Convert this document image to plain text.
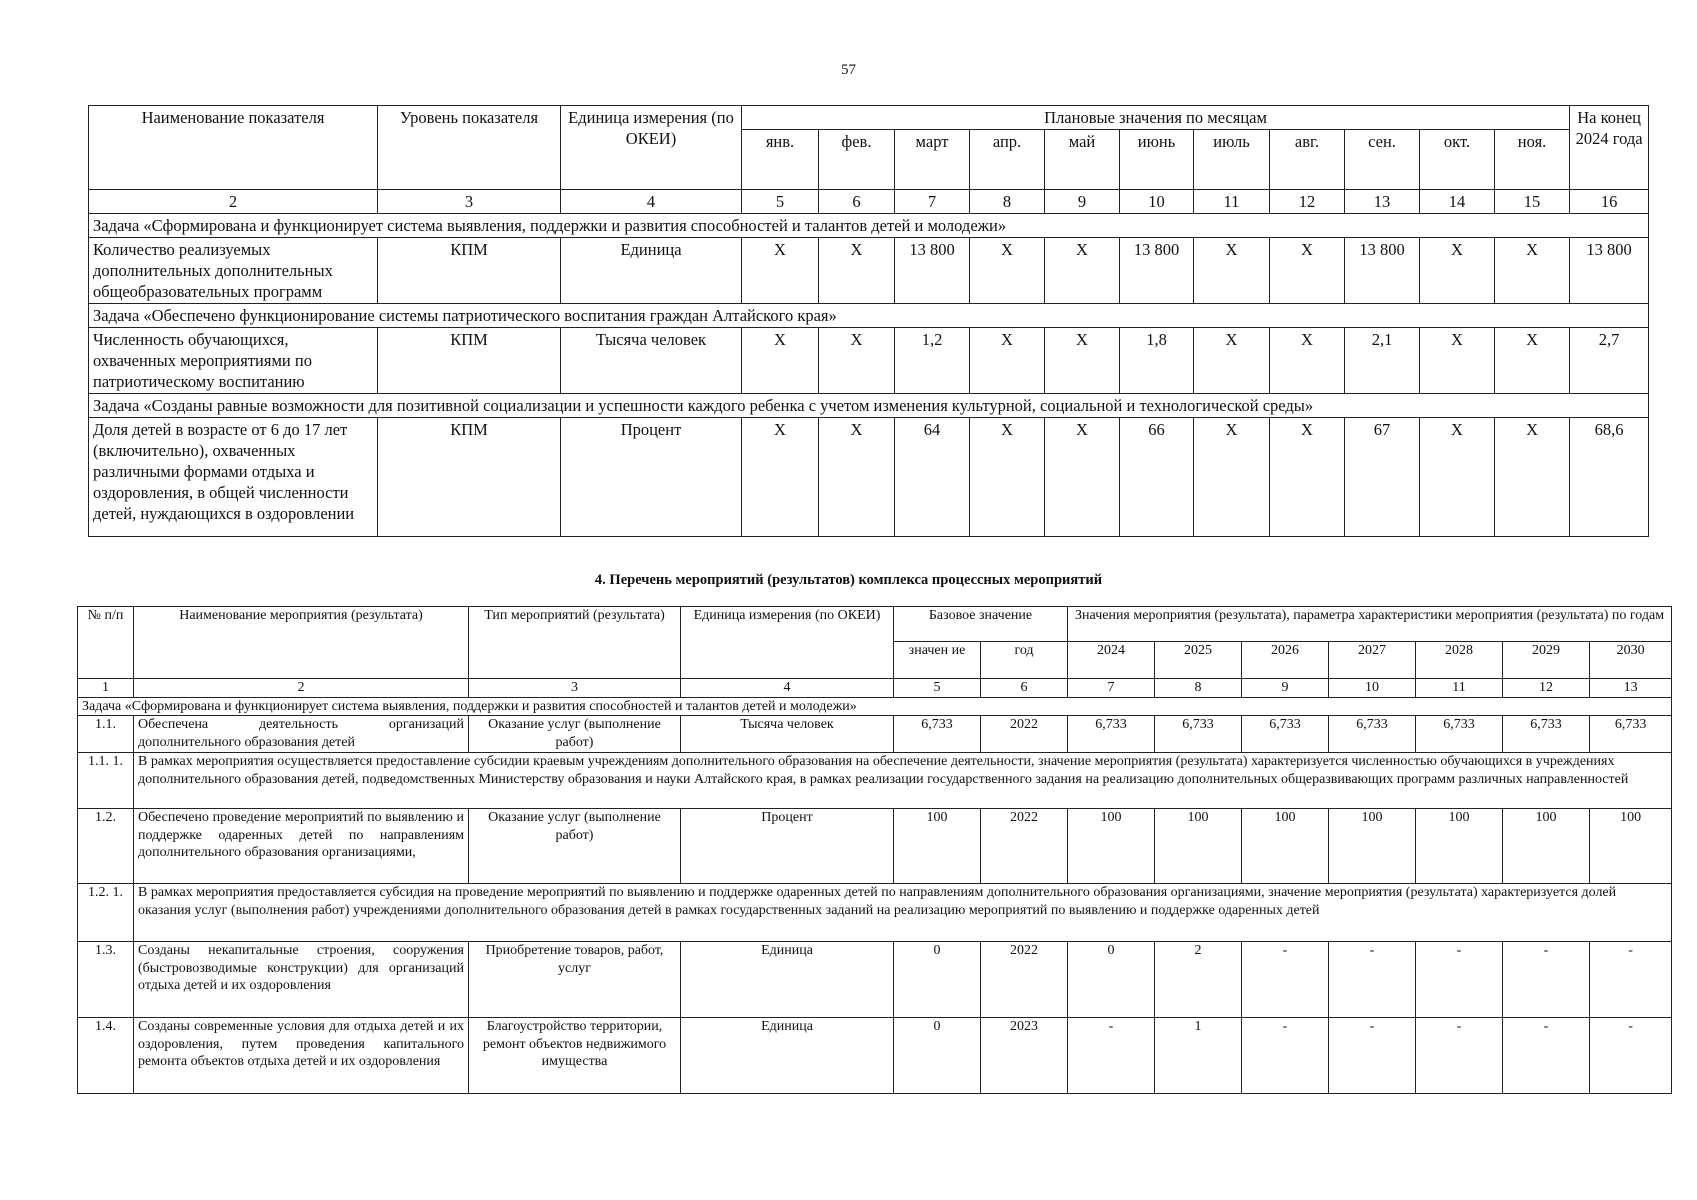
57
Наименование показателя	Уровень показателя	Единица измерения (по ОКЕИ)	Плановые значения по месяцам											На конец 2024 года
			янв.	фев.	март	апр.	май	июнь	июль	авг.	сен.	окт.	ноя.	
2	3	4	5	6	7	8	9	10	11	12	13	14	15	16
Задача «Сформирована и функционирует система выявления, поддержки и развития способностей и талантов детей и молодежи»														
Количество реализуемых дополнительных дополнительных общеобразовательных программ	КПМ	Единица	Х	Х	13 800	Х	Х	13 800	Х	Х	13 800	Х	Х	13 800
Задача «Обеспечено функционирование системы патриотического воспитания граждан Алтайского края»														
Численность обучающихся, охваченных мероприятиями по патриотическому воспитанию	КПМ	Тысяча человек	Х	Х	1,2	Х	Х	1,8	Х	Х	2,1	Х	Х	2,7
Задача «Созданы равные возможности для позитивной социализации и успешности каждого ребенка с учетом изменения культурной, социальной и технологической среды»														
Доля детей в возрасте от 6 до 17 лет (включительно), охваченных различными формами отдыха и оздоровления, в общей численности детей, нуждающихся в оздоровлении	КПМ	Процент	Х	Х	64	Х	Х	66	Х	Х	67	Х	Х	68,6
4. Перечень мероприятий (результатов) комплекса процессных мероприятий
№ п/п	Наименование мероприятия (результата)	Тип мероприятий (результата)	Единица измерения (по ОКЕИ)	Базовое значение		Значения мероприятия (результата), параметра характеристики мероприятия (результата) по годам						
				значен ие	год	2024	2025	2026	2027	2028	2029	2030
1	2	3	4	5	6	7	8	9	10	11	12	13
Задача «Сформирована и функционирует система выявления, поддержки и развития способностей и талантов детей и молодежи»												
1.1.	Обеспечена деятельность организаций дополнительного образования детей	Оказание услуг (выполнение работ)	Тысяча человек	6,733	2022	6,733	6,733	6,733	6,733	6,733	6,733	6,733
1.1. 1.	В рамках мероприятия осуществляется предоставление субсидии краевым учреждениям дополнительного образования на обеспечение деятельности, значение мероприятия (результата) характеризуется численностью обучающихся в учреждениях дополнительного образования детей, подведомственных Министерству образования и науки Алтайского края, в рамках реализации государственного задания на реализацию дополнительных общеразвивающих программ различных направленностей											
1.2.	Обеспечено проведение мероприятий по выявлению и поддержке одаренных детей по направлениям дополнительного образования организациями,	Оказание услуг (выполнение работ)	Процент	100	2022	100	100	100	100	100	100	100
1.2. 1.	В рамках мероприятия предоставляется субсидия на проведение мероприятий по выявлению и поддержке одаренных детей по направлениям дополнительного образования организациями, значение мероприятия (результата) характеризуется долей оказания услуг (выполнения работ) учреждениями дополнительного образования детей в рамках государственных заданий на реализацию мероприятий по выявлению и поддержке одаренных детей											
1.3.	Созданы некапитальные строения, сооружения (быстровозводимые конструкции) для организаций отдыха детей и их оздоровления	Приобретение товаров, работ, услуг	Единица	0	2022	0	2	-	-	-	-	-
1.4.	Созданы современные условия для отдыха детей и их оздоровления, путем проведения капитального ремонта объектов отдыха детей и их оздоровления	Благоустройство территории, ремонт объектов недвижимого имущества	Единица	0	2023	-	1	-	-	-	-	-
